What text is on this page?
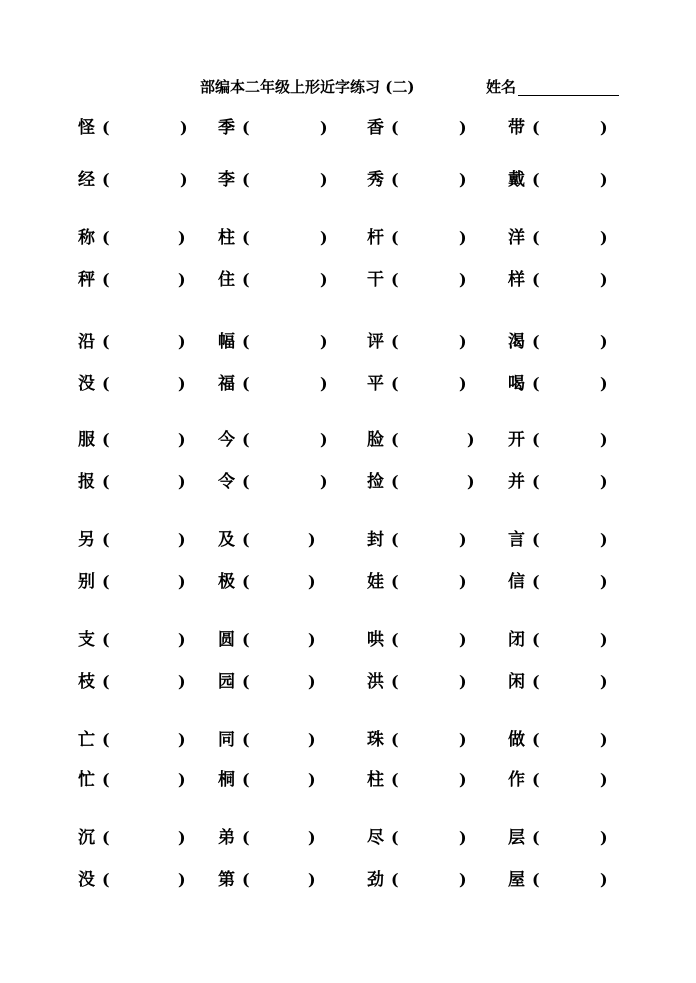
部编本二年级上形近字练习 (二)	姓名
怪 (	) 季 (	) 香 (	) 带 (	)
经 (	) 李 (	) 秀 (	) 戴 (	)
称 (	) 柱 (	) 杆 (	) 洋 (	)
秤 (	) 住 (	) 干 (	) 样 (	)
沿 (	) 幅 (	) 评 (	) 渴 (	)
没 (	) 福 (	) 平 (	) 喝 (	)
服 (	) 今 (	) 脸 (	) 开 (	)
报 (	) 令 (	) 捡 (	) 并 (	)
另 (	) 及 (	)	封 (	) 言 (	)
别 (	) 极 (	)	娃 (	) 信 (	)
支 (	) 圆 (	)	哄 (	) 闭 (	)
枝 (	) 园 (	)	洪 (	) 闲 (	)
亡 (	) 同 (	)	珠 (	) 做 (	)
忙 (	) 桐 (	)	柱 (	) 作 (	)
沉 (	) 弟 (	)	尽 (	) 层 (	)
没 (	) 第 (	)	劲 (	) 屋 (	)
